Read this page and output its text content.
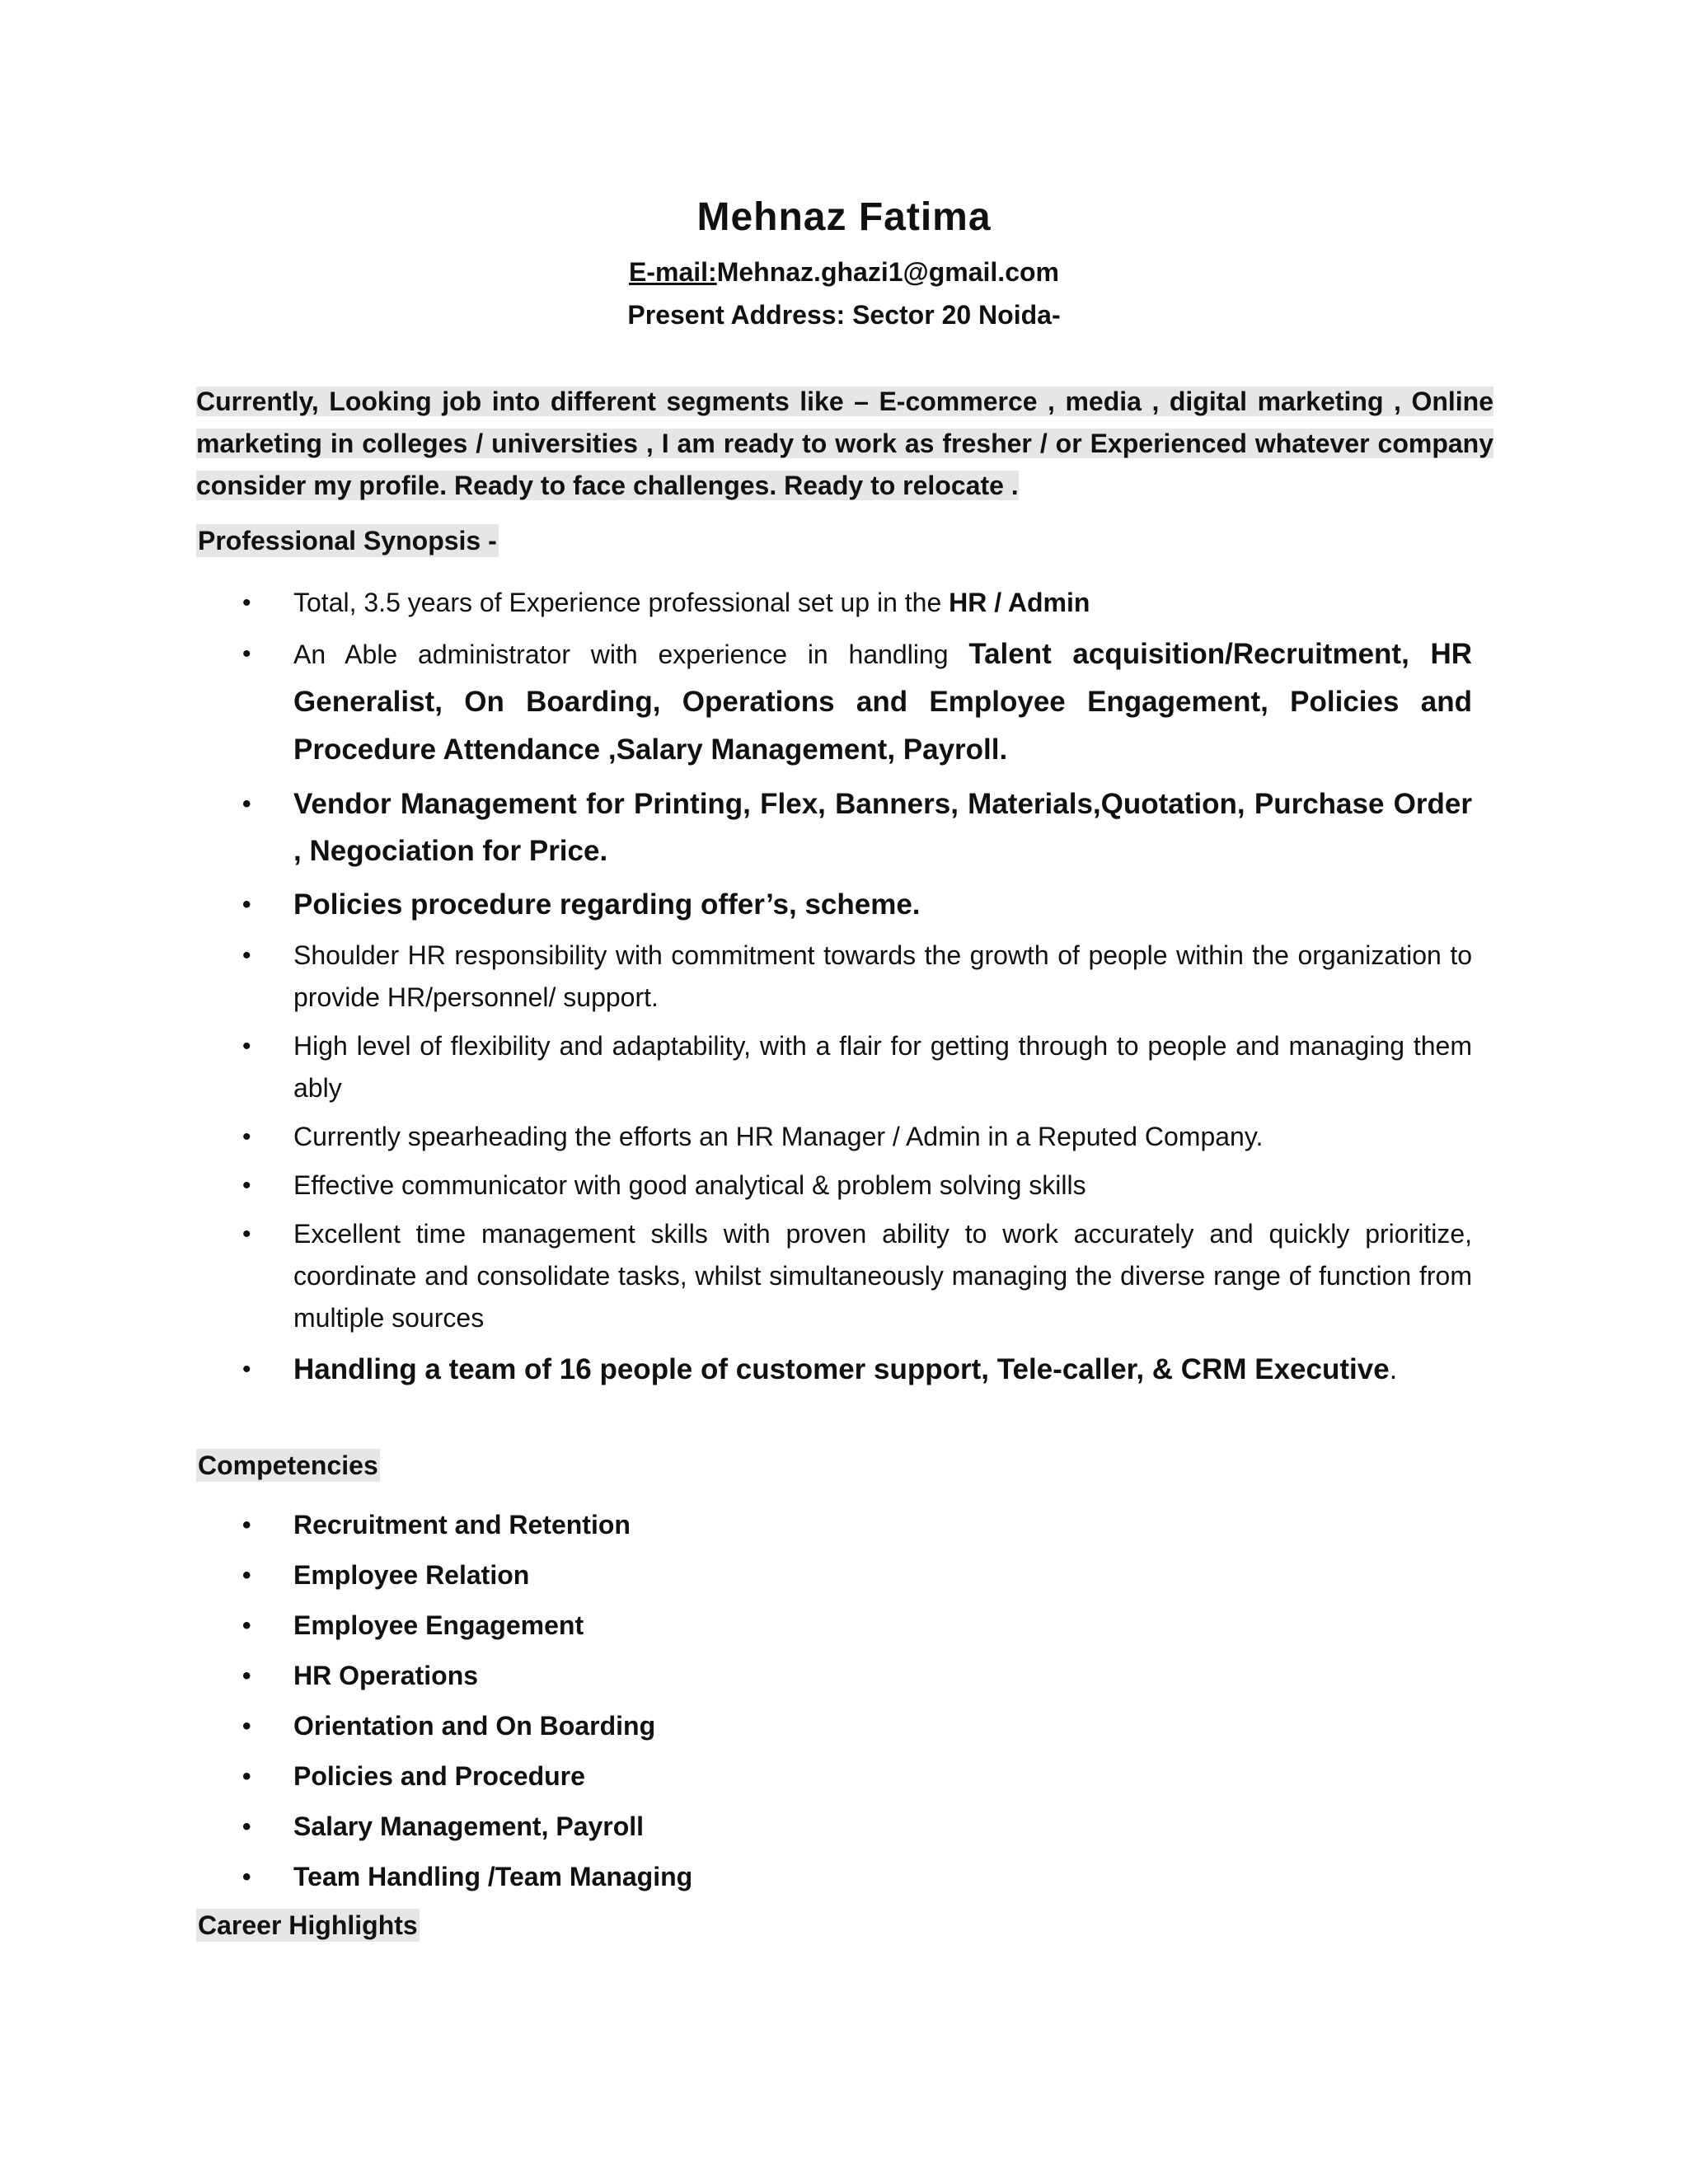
Mehnaz Fatima
E-mail:Mehnaz.ghazi1@gmail.com
Present Address: Sector 20 Noida-
Currently, Looking job into different segments like – E-commerce , media , digital marketing , Online marketing in colleges / universities , I am ready to work as fresher / or Experienced whatever company consider my profile. Ready to face challenges. Ready to relocate .
Professional Synopsis -
• Total, 3.5 years of Experience professional set up in the HR / Admin
• An Able administrator with experience in handling Talent acquisition/Recruitment, HR Generalist, On Boarding, Operations and Employee Engagement, Policies and Procedure Attendance ,Salary Management, Payroll.
• Vendor Management for Printing, Flex, Banners, Materials,Quotation, Purchase Order , Negociation for Price.
• Policies procedure regarding offer’s, scheme.
• Shoulder HR responsibility with commitment towards the growth of people within the organization to provide HR/personnel/ support.
• High level of flexibility and adaptability, with a flair for getting through to people and managing them ably
• Currently spearheading the efforts an HR Manager / Admin in a Reputed Company.
• Effective communicator with good analytical & problem solving skills
• Excellent time management skills with proven ability to work accurately and quickly prioritize, coordinate and consolidate tasks, whilst simultaneously managing the diverse range of function from multiple sources
• Handling a team of 16 people of customer support, Tele-caller, & CRM Executive.
Competencies
• Recruitment and Retention
• Employee Relation
• Employee Engagement
• HR Operations
• Orientation and On Boarding
• Policies and Procedure
• Salary Management, Payroll
• Team Handling /Team Managing
Career Highlights
